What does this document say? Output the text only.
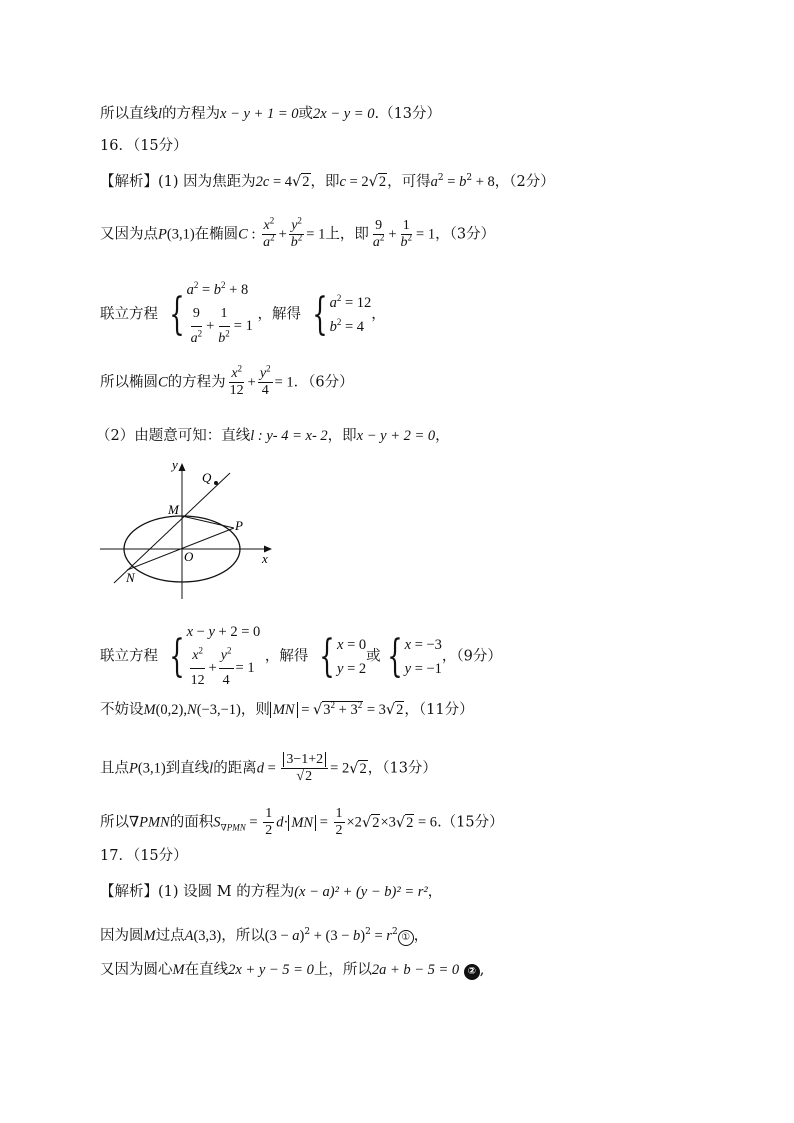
所以直线l的方程为x − y + 1 = 0或2x − y = 0.（13分）
16．（15分）
【解析】(1) 因为焦距为2c = 4√2，即c = 2√2，可得$a^2 = b^2 + 8$，（2分）
又因为点P(3,1)在椭圆C : $\frac{x^2}{a^2} + \frac{y^2}{b^2} = 1$上，即 $\frac{9}{a^2} + \frac{1}{b^2} = 1$，（3分）
联立方程 { $a^2 = b^2 + 8$
$\frac{9}{a^2} + \frac{1}{b^2} = 1$
，解得 { $a^2 = 12$
$b^2 = 4$
，
所以椭圆C的方程为 $\frac{x^2}{12} + \frac{y^2}{4} = 1$．（6分）
（2）由题意可知：直线l : y- 4 = x- 2，即x − y + 2 = 0，
y
x
Q
M
P
O
N
联立方程 { x − y + 2 = 0
$\frac{x^2}{12} + \frac{y^2}{4} = 1$
，解得 { x = 0
y = 2
或 { x = −3
y = −1
，（9分）
不妨设M(0,2),N(−3,−1)，则 MN = $√3^2 + 3^2 = 3√2$，（11分）
且点P(3,1)到直线l的距离$d = \frac{3-1+2}{√2} = 2√2$，（13分）
所以∇PMN的面积$S_{\nabla PMN} = \frac{1}{2} d\cdot$ MN = $\frac{1}{2} \times 2√2\times 3√2 = 6.(15$分）
17．（15分）
【解析】(1) 设圆 M 的方程为(x − a)² + (y − b)² = r²，
因为圆M过点A(3,3)，所以$(3 - a)^2 + (3 - b)^2 = r^2$ ① ，
又因为圆心M在直线2x + y − 5 = 0上，所以2a + b − 5 = 0 ② ,
